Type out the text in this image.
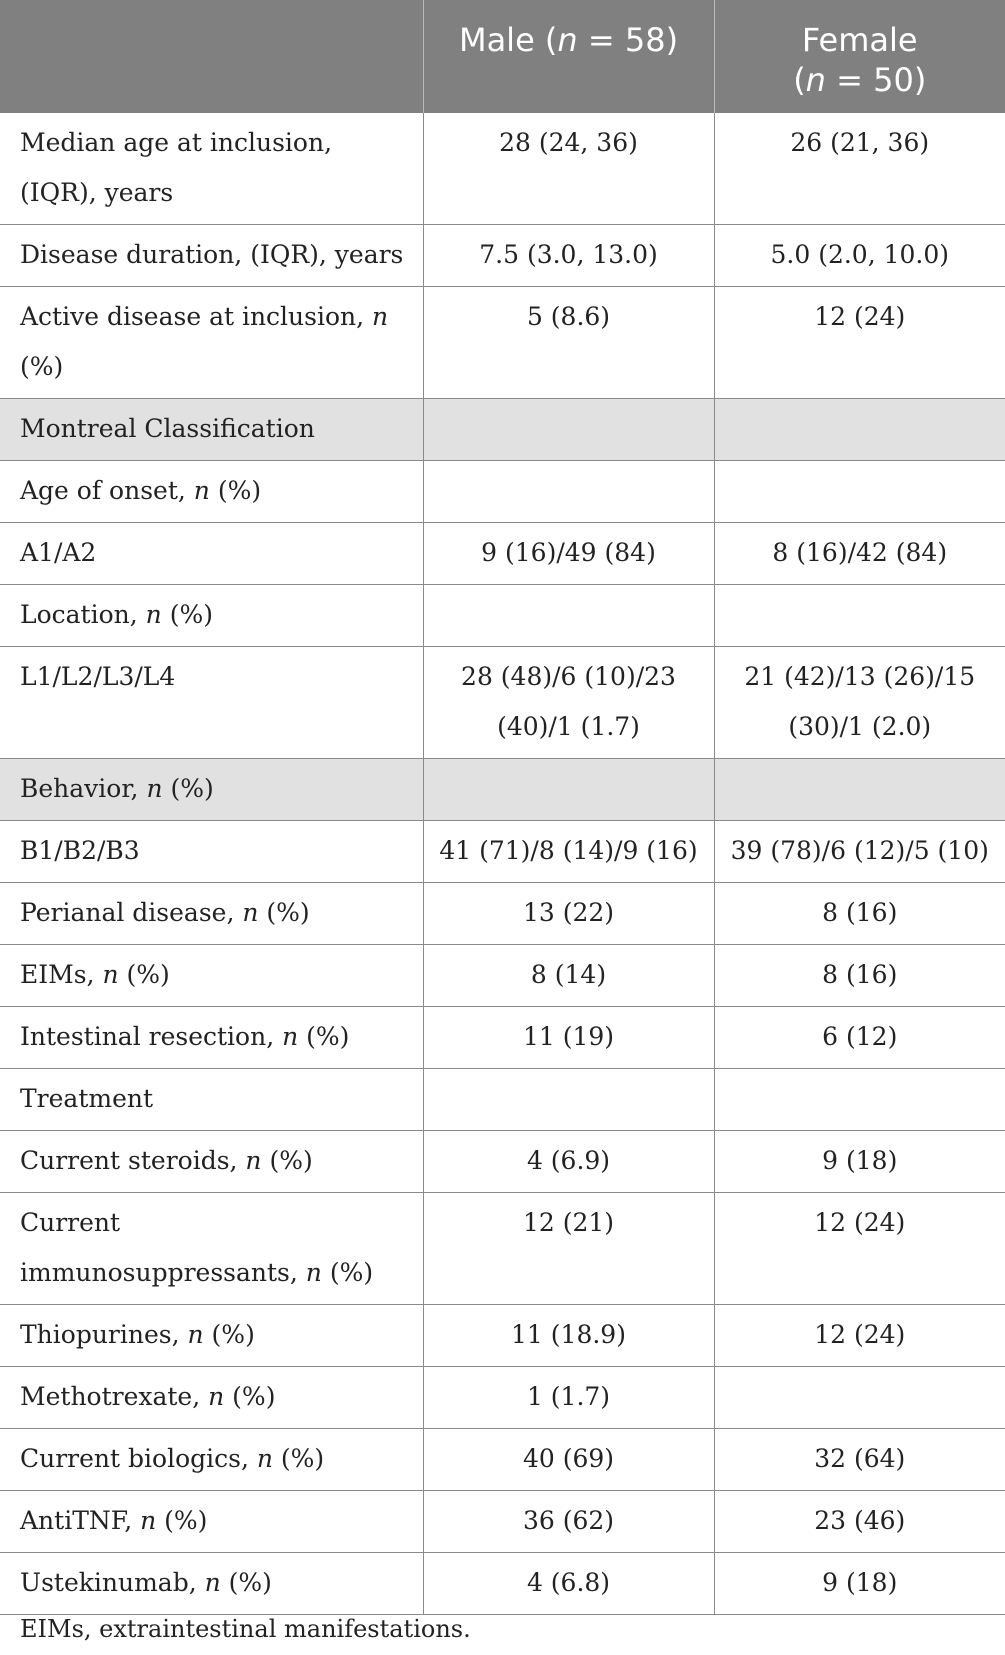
	Male (n = 58)	Female
(n = 50)
Median age at inclusion, (IQR), years	28 (24, 36)	26 (21, 36)
Disease duration, (IQR), years	7.5 (3.0, 13.0)	5.0 (2.0, 10.0)
Active disease at inclusion, n (%)	5 (8.6)	12 (24)
Montreal Classification		
Age of onset, n (%)		
A1/A2	9 (16)/49 (84)	8 (16)/42 (84)
Location, n (%)		
L1/L2/L3/L4	28 (48)/6 (10)/23 (40)/1 (1.7)	21 (42)/13 (26)/15 (30)/1 (2.0)
Behavior, n (%)		
B1/B2/B3	41 (71)/8 (14)/9 (16)	39 (78)/6 (12)/5 (10)
Perianal disease, n (%)	13 (22)	8 (16)
EIMs, n (%)	8 (14)	8 (16)
Intestinal resection, n (%)	11 (19)	6 (12)
Treatment		
Current steroids, n (%)	4 (6.9)	9 (18)
Current immunosuppressants, n (%)	12 (21)	12 (24)
Thiopurines, n (%)	11 (18.9)	12 (24)
Methotrexate, n (%)	1 (1.7)	
Current biologics, n (%)	40 (69)	32 (64)
AntiTNF, n (%)	36 (62)	23 (46)
Ustekinumab, n (%)	4 (6.8)	9 (18)
EIMs, extraintestinal manifestations.
